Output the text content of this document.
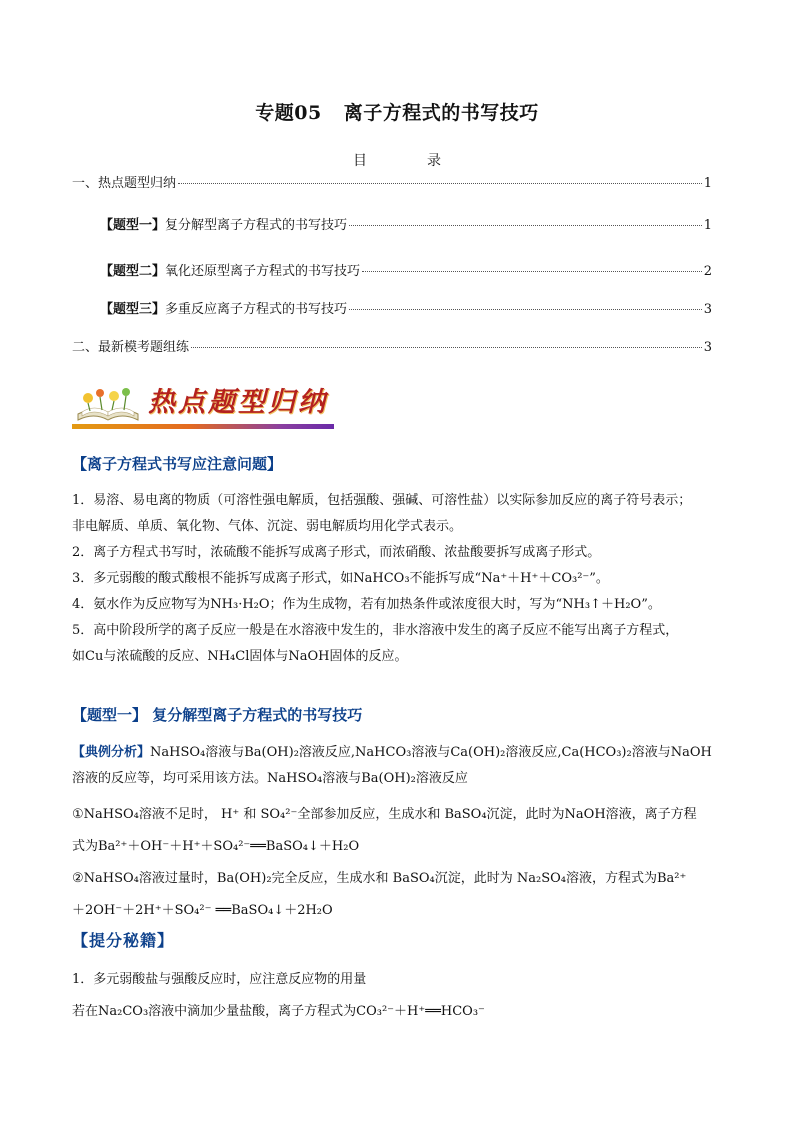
专题05 离子方程式的书写技巧
目	录
一、热点题型归纳	1
【题型一】 复分解型离子方程式的书写技巧	1
【题型二】 氧化还原型离子方程式的书写技巧	2
【题型三】 多重反应离子方程式的书写技巧	3
二、最新模考题组练	3
热点题型归纳
【离子方程式书写应注意问题】

1．易溶、易电离的物质（可溶性强电解质，包括强酸、强碱、可溶性盐）以实际参加反应的离子符号表示；

非电解质、单质、氧化物、气体、沉淀、弱电解质均用化学式表示。

2．离子方程式书写时，浓硫酸不能拆写成离子形式，而浓硝酸、浓盐酸要拆写成离子形式。

3．多元弱酸的酸式酸根不能拆写成离子形式，如NaHCO₃不能拆写成“Na⁺＋H⁺＋CO₃²⁻”。

4．氨水作为反应物写为NH₃·H₂O；作为生成物，若有加热条件或浓度很大时，写为“NH₃↑＋H₂O”。

5．高中阶段所学的离子反应一般是在水溶液中发生的，非水溶液中发生的离子反应不能写出离子方程式，

如Cu与浓硫酸的反应、NH₄Cl固体与NaOH固体的反应。

【题型一】 复分解型离子方程式的书写技巧

【典例分析】NaHSO₄溶液与Ba(OH)₂溶液反应,NaHCO₃溶液与Ca(OH)₂溶液反应,Ca(HCO₃)₂溶液与NaOH

溶液的反应等，均可采用该方法。NaHSO₄溶液与Ba(OH)₂溶液反应

①NaHSO₄溶液不足时， H⁺ 和 SO₄²⁻全部参加反应，生成水和 BaSO₄沉淀，此时为NaOH溶液，离子方程

式为Ba²⁺＋OH⁻＋H⁺＋SO₄²⁻══BaSO₄↓＋H₂O

②NaHSO₄溶液过量时，Ba(OH)₂完全反应，生成水和 BaSO₄沉淀，此时为 Na₂SO₄溶液，方程式为Ba²⁺

＋2OH⁻＋2H⁺＋SO₄²⁻ ══BaSO₄↓＋2H₂O

【提分秘籍】

1．多元弱酸盐与强酸反应时，应注意反应物的用量

若在Na₂CO₃溶液中滴加少量盐酸，离子方程式为CO₃²⁻＋H⁺══HCO₃⁻
